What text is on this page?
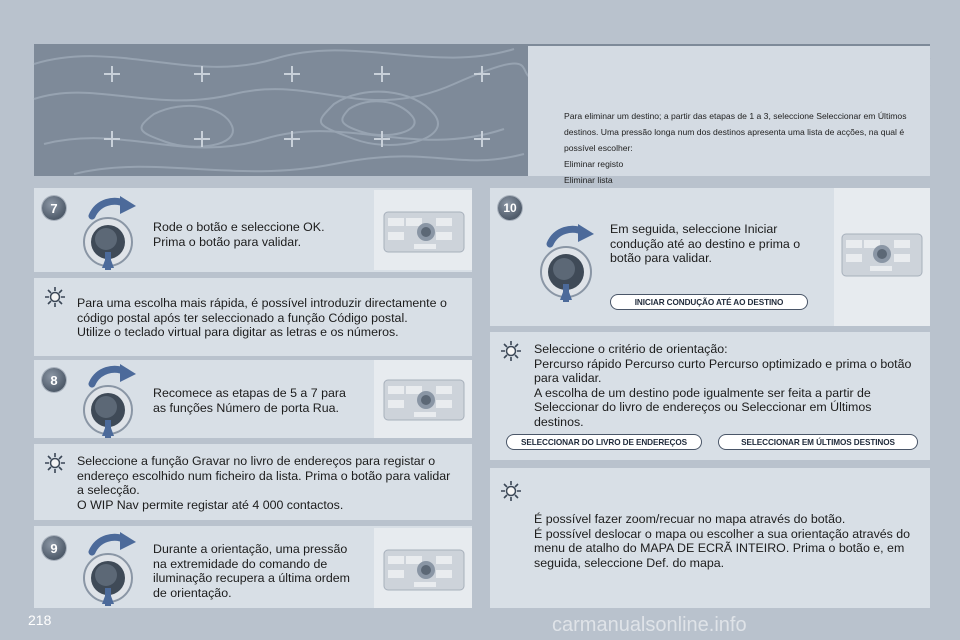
Para eliminar um destino; a partir das etapas de 1 a 3, seleccione Seleccionar em Últimos
destinos. Uma pressão longa num dos destinos apresenta uma lista de acções, na qual é
possível escolher:
Eliminar registo
Eliminar lista
7
Rode o botão e seleccione OK.
Prima o botão para validar.
Para uma escolha mais rápida, é possível introduzir directamente o
código postal após ter seleccionado a função Código postal.
Utilize o teclado virtual para digitar as letras e os números.
8
Recomece as etapas de 5 a 7 para
as funções Número de porta Rua.
Seleccione a função Gravar no livro de endereços para registar o
endereço escolhido num ficheiro da lista. Prima o botão para validar
a selecção.
O WIP Nav permite registar até 4 000 contactos.
9	Durante a orientação, uma pressão
na extremidade do comando de
iluminação recupera a última ordem
de orientação.
10
Em seguida, seleccione Iniciar
condução até ao destino e prima o
botão para validar.
INICIAR CONDUÇÃO ATÉ AO DESTINO
Seleccione o critério de orientação:
Percurso rápido Percurso curto Percurso optimizado e prima o botão
para validar.
A escolha de um destino pode igualmente ser feita a partir de
Seleccionar do livro de endereços ou Seleccionar em Últimos
destinos.
SELECCIONAR DO LIVRO DE ENDEREÇOS	SELECCIONAR EM ÚLTIMOS DESTINOS
É possível fazer zoom/recuar no mapa através do botão.
É possível deslocar o mapa ou escolher a sua orientação através do
menu de atalho do MAPA DE ECRÃ INTEIRO. Prima o botão e, em
seguida, seleccione Def. do mapa.
218	carmanualsonline.info
